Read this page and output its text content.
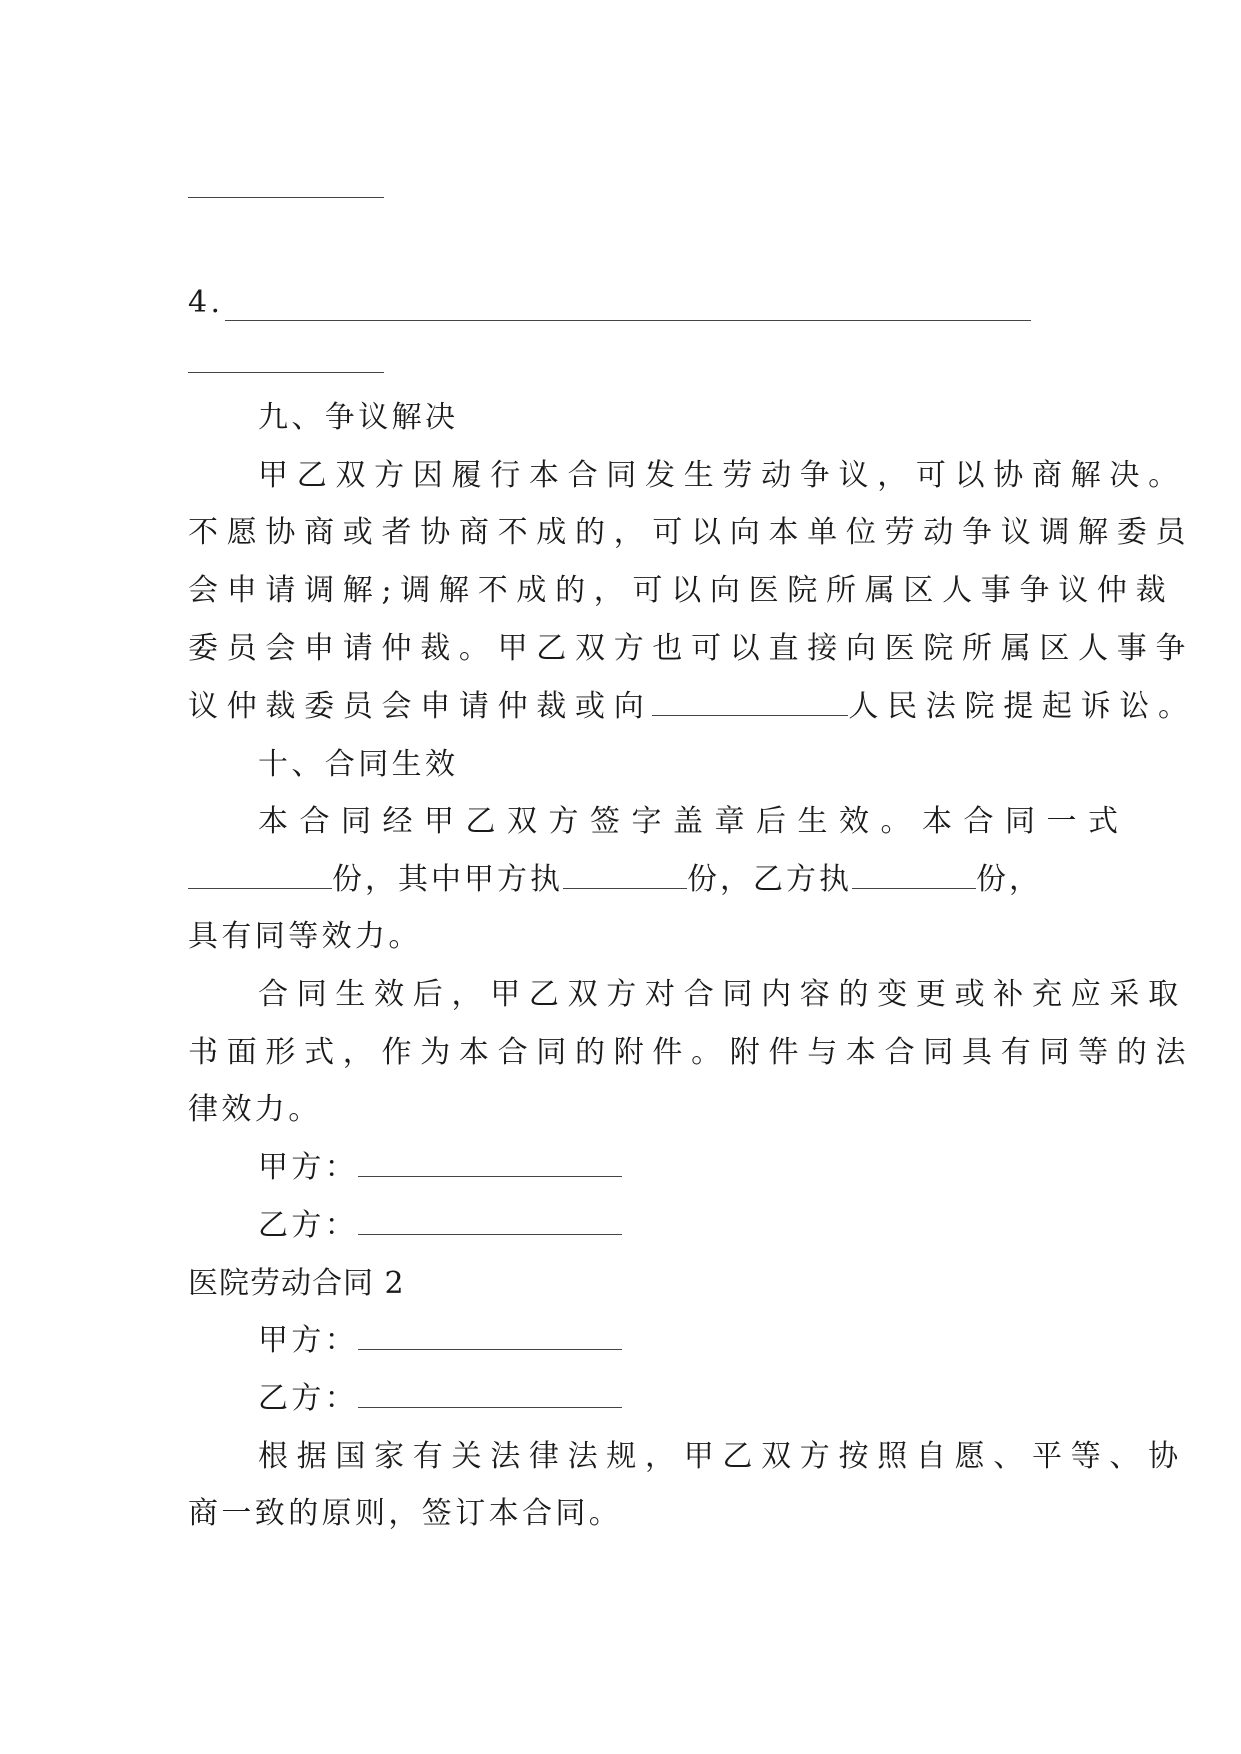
4.
九、争议解决
甲乙双方因履行本合同发生劳动争议，可以协商解决。
不愿协商或者协商不成的，可以向本单位劳动争议调解委员
会申请调解;调解不成的，可以向医院所属区人事争议仲裁
委员会申请仲裁。甲乙双方也可以直接向医院所属区人事争
议仲裁委员会申请仲裁或向	人民法院提起诉讼。
十、合同生效
本合同经甲乙双方签字盖章后生效。本合同一式
份，其中甲方执	份，乙方执	份，
具有同等效力。
合同生效后，甲乙双方对合同内容的变更或补充应采取
书面形式，作为本合同的附件。附件与本合同具有同等的法
律效力。
甲方：
乙方：
医院劳动合同 2
甲方：
乙方：
根据国家有关法律法规，甲乙双方按照自愿、平等、协
商一致的原则，签订本合同。
